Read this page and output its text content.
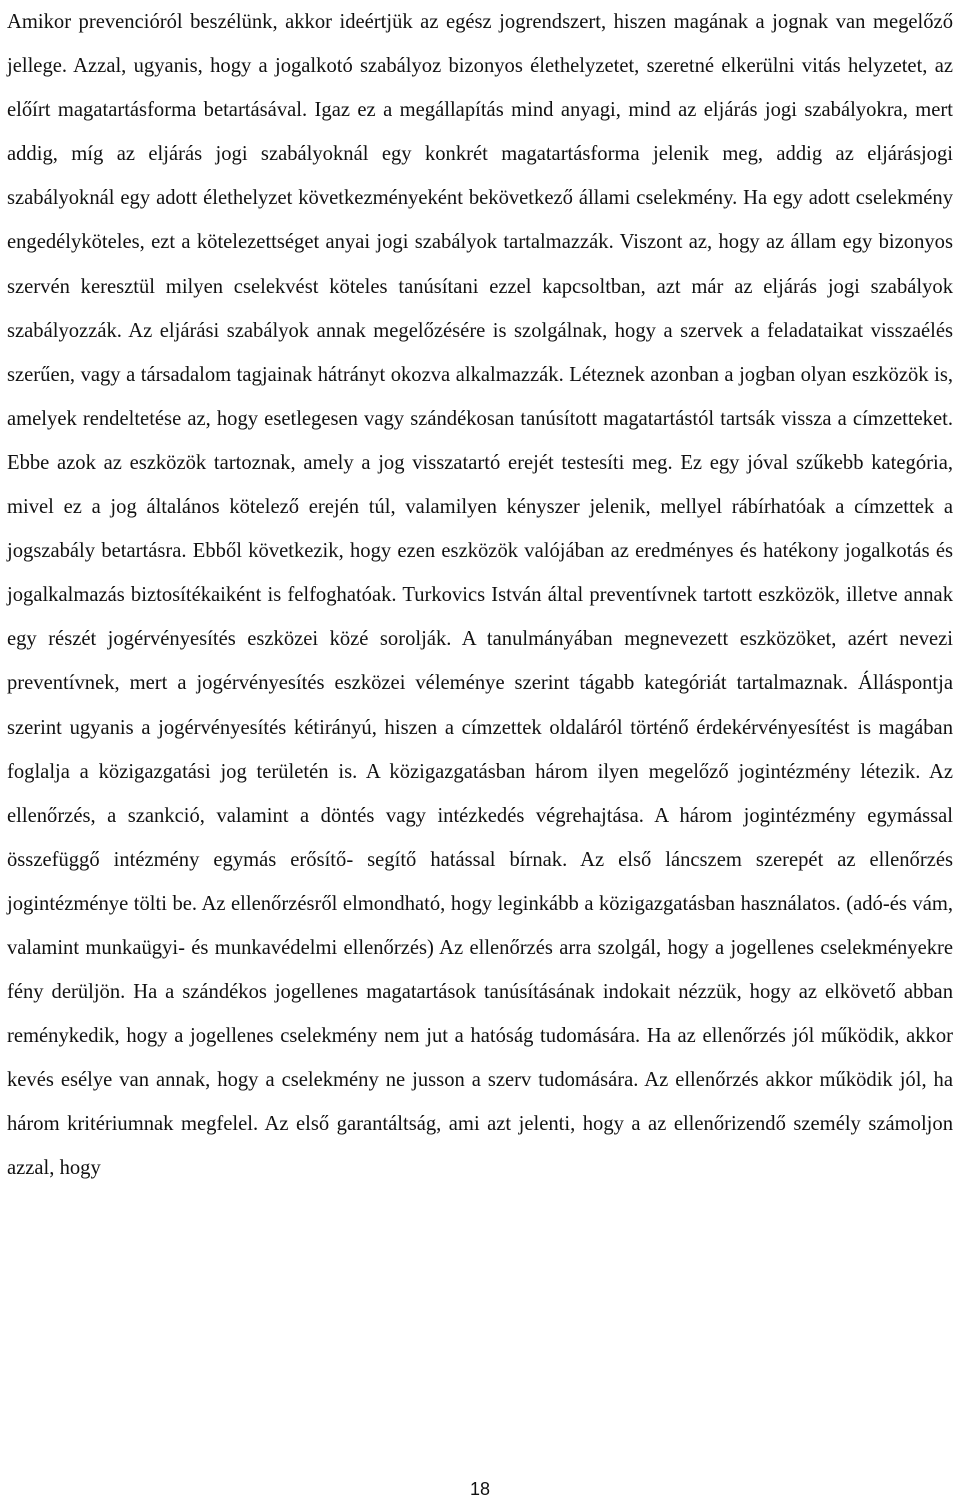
Amikor prevencióról beszélünk, akkor ideértjük az egész jogrendszert, hiszen magának a jognak van megelőző jellege. Azzal, ugyanis, hogy a jogalkotó szabályoz bizonyos élethelyzetet, szeretné elkerülni vitás helyzetet, az előírt magatartásforma betartásával. Igaz ez a megállapítás mind anyagi, mind az eljárás jogi szabályokra, mert addig, míg az eljárás jogi szabályoknál egy konkrét magatartásforma jelenik meg, addig az eljárásjogi szabályoknál egy adott élethelyzet következményeként bekövetkező állami cselekmény. Ha egy adott cselekmény engedélyköteles, ezt a kötelezettséget anyai jogi szabályok tartalmazzák. Viszont az, hogy az állam egy bizonyos szervén keresztül milyen cselekvést köteles tanúsítani ezzel kapcsoltban, azt már az eljárás jogi szabályok szabályozzák. Az eljárási szabályok annak megelőzésére is szolgálnak, hogy a szervek a feladataikat visszaélés szerűen, vagy a társadalom tagjainak hátrányt okozva alkalmazzák. Léteznek azonban a jogban olyan eszközök is, amelyek rendeltetése az, hogy esetlegesen vagy szándékosan tanúsított magatartástól tartsák vissza a címzetteket. Ebbe azok az eszközök tartoznak, amely a jog visszatartó erejét testesíti meg. Ez egy jóval szűkebb kategória, mivel ez a jog általános kötelező erején túl, valamilyen kényszer jelenik, mellyel rábírhatóak a címzettek a jogszabály betartásra. Ebből következik, hogy ezen eszközök valójában az eredményes és hatékony jogalkotás és jogalkalmazás biztosítékaiként is felfoghatóak. Turkovics István által preventívnek tartott eszközök, illetve annak egy részét jogérvényesítés eszközei közé sorolják. A tanulmányában megnevezett eszközöket, azért nevezi preventívnek, mert a jogérvényesítés eszközei véleménye szerint tágabb kategóriát tartalmaznak. Álláspontja szerint ugyanis a jogérvényesítés kétirányú, hiszen a címzettek oldaláról történő érdekérvényesítést is magában foglalja a közigazgatási jog területén is. A közigazgatásban három ilyen megelőző jogintézmény létezik. Az ellenőrzés, a szankció, valamint a döntés vagy intézkedés végrehajtása. A három jogintézmény egymással összefüggő intézmény egymás erősítő- segítő hatással bírnak. Az első láncszem szerepét az ellenőrzés jogintézménye tölti be. Az ellenőrzésről elmondható, hogy leginkább a közigazgatásban használatos. (adó-és vám, valamint munkaügyi- és munkavédelmi ellenőrzés) Az ellenőrzés arra szolgál, hogy a jogellenes cselekményekre fény derüljön. Ha a szándékos jogellenes magatartások tanúsításának indokait nézzük, hogy az elkövető abban reménykedik, hogy a jogellenes cselekmény nem jut a hatóság tudomására. Ha az ellenőrzés jól működik, akkor kevés esélye van annak, hogy a cselekmény ne jusson a szerv tudomására. Az ellenőrzés akkor működik jól, ha három kritériumnak megfelel. Az első garantáltság, ami azt jelenti, hogy a az ellenőrizendő személy számoljon azzal, hogy

18
